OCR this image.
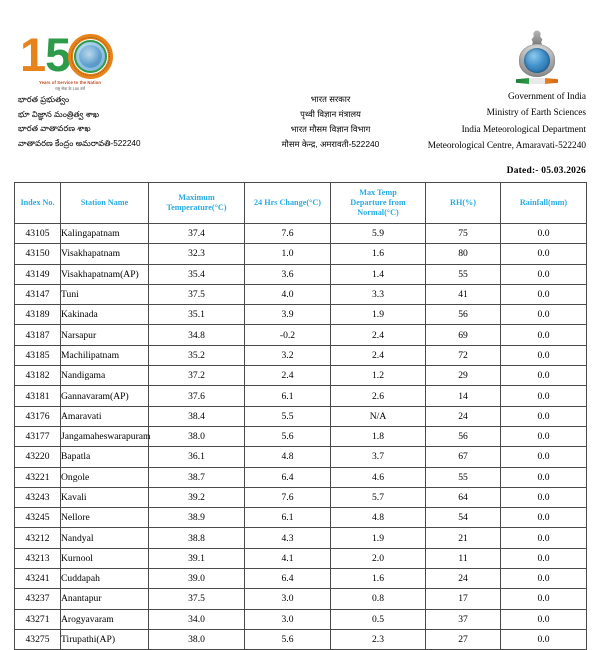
1 5
Years of Service to the Nation
राष्ट्र सेवा के 150 वर्ष
భారత ప్రభుత్వం
భూ విజ్ఞాన మంత్రిత్వ శాఖ
భారత వాతావరణ శాఖ
వాతావరణ కేంద్రం అమరావతి-522240
भारत सरकार
पृथ्वी विज्ञान मंत्रालय
भारत मौसम विज्ञान विभाग
मौसम केन्द्र, अमरावती-522240
Government of India
Ministry of Earth Sciences
India Meteorological Department
Meteorological Centre, Amaravati-522240
Dated:- 05.03.2026
Index No.	Station Name	Maximum
Temperature(°C)	24 Hrs Change(°C)	Max Temp
Departure from
Normal(°C)	RH(%)	Rainfall(mm)
43105	Kalingapatnam	37.4	7.6	5.9	75	0.0
43150	Visakhapatnam	32.3	1.0	1.6	80	0.0
43149	Visakhapatnam(AP)	35.4	3.6	1.4	55	0.0
43147	Tuni	37.5	4.0	3.3	41	0.0
43189	Kakinada	35.1	3.9	1.9	56	0.0
43187	Narsapur	34.8	-0.2	2.4	69	0.0
43185	Machilipatnam	35.2	3.2	2.4	72	0.0
43182	Nandigama	37.2	2.4	1.2	29	0.0
43181	Gannavaram(AP)	37.6	6.1	2.6	14	0.0
43176	Amaravati	38.4	5.5	N/A	24	0.0
43177	Jangamaheswarapuram	38.0	5.6	1.8	56	0.0
43220	Bapatla	36.1	4.8	3.7	67	0.0
43221	Ongole	38.7	6.4	4.6	55	0.0
43243	Kavali	39.2	7.6	5.7	64	0.0
43245	Nellore	38.9	6.1	4.8	54	0.0
43212	Nandyal	38.8	4.3	1.9	21	0.0
43213	Kurnool	39.1	4.1	2.0	11	0.0
43241	Cuddapah	39.0	6.4	1.6	24	0.0
43237	Anantapur	37.5	3.0	0.8	17	0.0
43271	Arogyavaram	34.0	3.0	0.5	37	0.0
43275	Tirupathi(AP)	38.0	5.6	2.3	27	0.0
